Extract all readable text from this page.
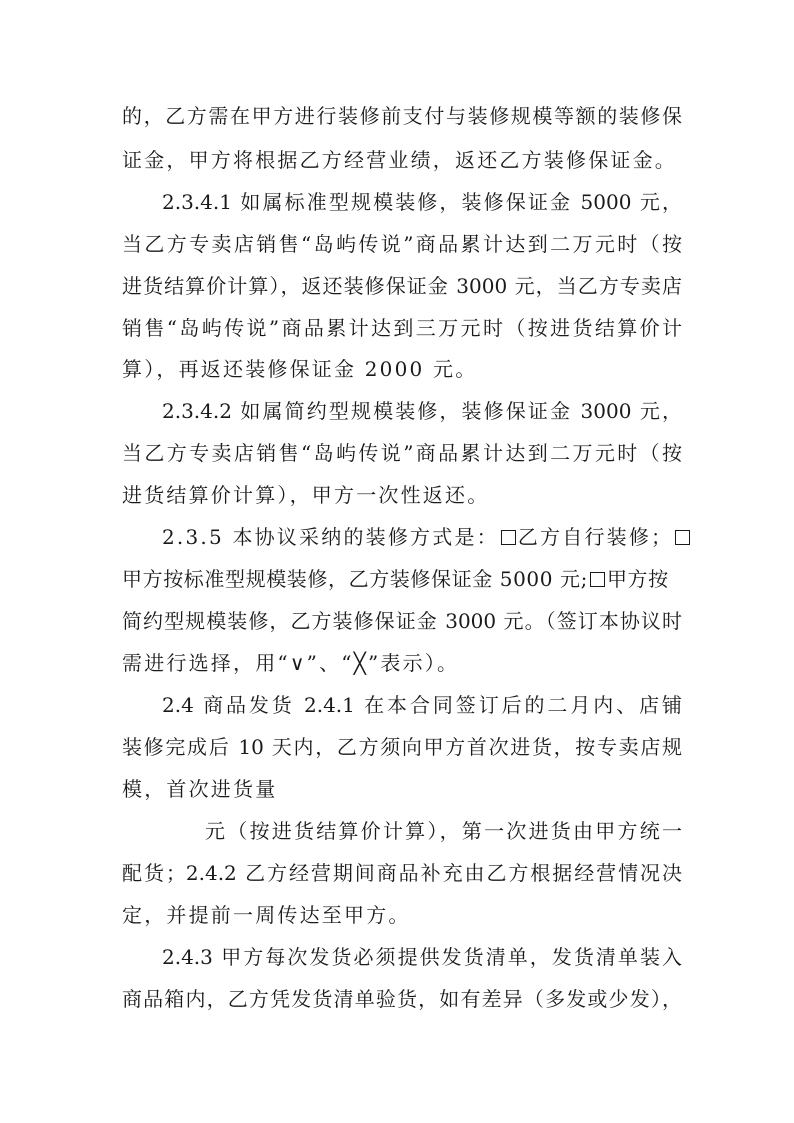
的，乙方需在甲方进行装修前支付与装修规模等额的装修保
证金，甲方将根据乙方经营业绩，返还乙方装修保证金。
2.3.4.1 如属标准型规模装修，装修保证金 5000 元，
当乙方专卖店销售“岛屿传说”商品累计达到二万元时（按
进货结算价计算），返还装修保证金 3000 元，当乙方专卖店
销售“岛屿传说”商品累计达到三万元时（按进货结算价计
算），再返还装修保证金 2000 元。
2.3.4.2 如属简约型规模装修，装修保证金 3000 元，
当乙方专卖店销售“岛屿传说”商品累计达到二万元时（按
进货结算价计算），甲方一次性返还。
2.3.5 本协议采纳的装修方式是： 乙方自行装修；
甲方按标准型规模装修，乙方装修保证金 5000 元; 甲方按
简约型规模装修，乙方装修保证金 3000 元。（签订本协议时
需进行选择，用“∨”、“╳”表示）。
2.4 商品发货 2.4.1 在本合同签订后的二月内、店铺
装修完成后 10 天内，乙方须向甲方首次进货，按专卖店规
模，首次进货量
元（按进货结算价计算），第一次进货由甲方统一
配货；2.4.2 乙方经营期间商品补充由乙方根据经营情况决
定，并提前一周传达至甲方。
2.4.3 甲方每次发货必须提供发货清单，发货清单装入
商品箱内，乙方凭发货清单验货，如有差异（多发或少发），
